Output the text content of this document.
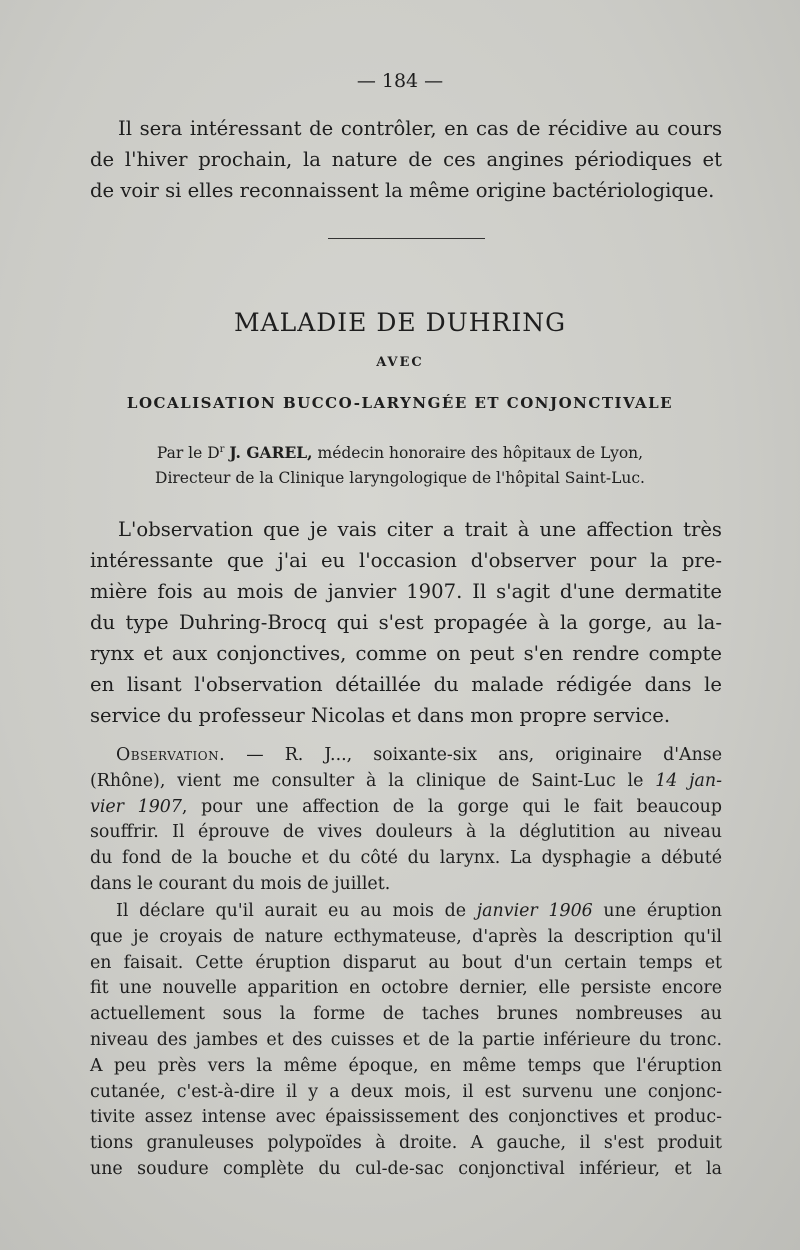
— 184 —

Il sera intéressant de contrôler, en cas de récidive au cours
de l'hiver prochain, la nature de ces angines périodiques et
de voir si elles reconnaissent la même origine bactériologique.

MALADIE DE DUHRING
AVEC
LOCALISATION BUCCO-LARYNGÉE ET CONJONCTIVALE
Par le $D^r$ J. GAREL, médecin honoraire des hôpitaux de Lyon,
Directeur de la Clinique laryngologique de l'hôpital Saint-Luc.

L'observation que je vais citer a trait à une affection très
intéressante que j'ai eu l'occasion d'observer pour la pre-
mière fois au mois de janvier 1907. Il s'agit d'une dermatite
du type Duhring-Brocq qui s'est propagée à la gorge, au la-
rynx et aux conjonctives, comme on peut s'en rendre compte
en lisant l'observation détaillée du malade rédigée dans le
service du professeur Nicolas et dans mon propre service.

Observation. — R. J..., soixante-six ans, originaire d'Anse
(Rhône), vient me consulter à la clinique de Saint-Luc le 14 jan-
vier 1907, pour une affection de la gorge qui le fait beaucoup
souffrir. Il éprouve de vives douleurs à la déglutition au niveau
du fond de la bouche et du côté du larynx. La dysphagie a débuté
dans le courant du mois de juillet.

Il déclare qu'il aurait eu au mois de janvier 1906 une éruption
que je croyais de nature ecthymateuse, d'après la description qu'il
en faisait. Cette éruption disparut au bout d'un certain temps et
fit une nouvelle apparition en octobre dernier, elle persiste encore
actuellement sous la forme de taches brunes nombreuses au
niveau des jambes et des cuisses et de la partie inférieure du tronc.
A peu près vers la même époque, en même temps que l'éruption
cutanée, c'est-à-dire il y a deux mois, il est survenu une conjonc-
tivite assez intense avec épaississement des conjonctives et produc-
tions granuleuses polypoïdes à droite. A gauche, il s'est produit
une soudure complète du cul-de-sac conjonctival inférieur, et la
